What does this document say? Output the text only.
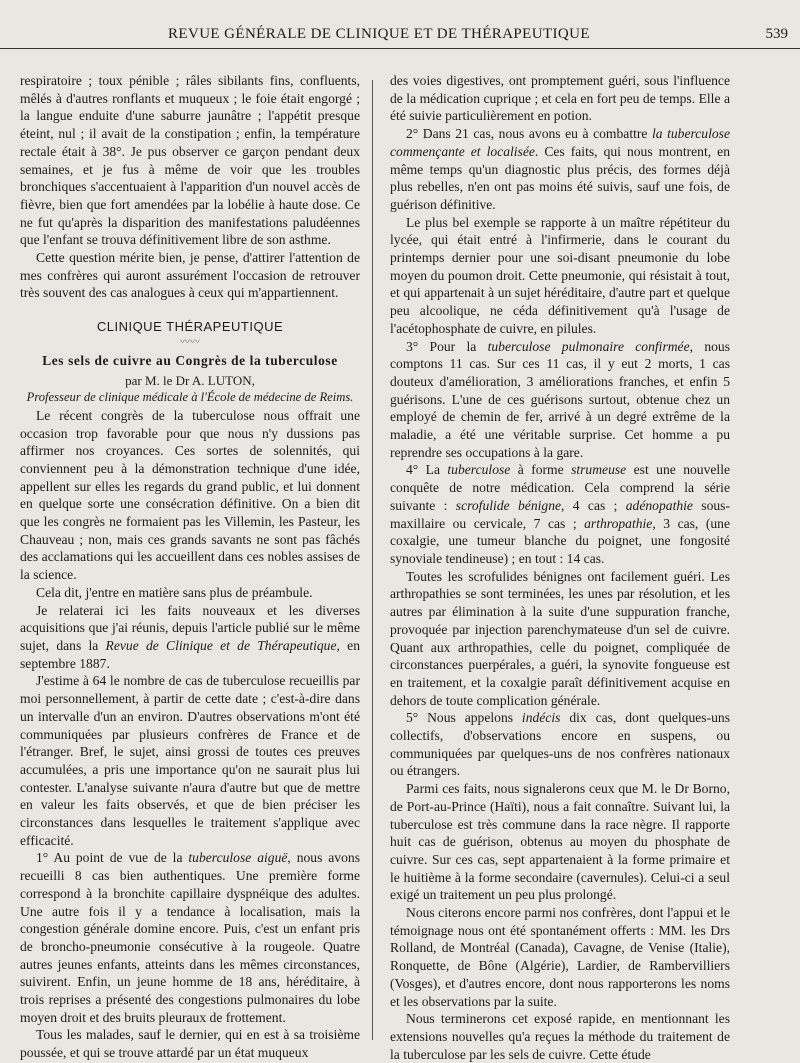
REVUE GÉNÉRALE DE CLINIQUE ET DE THÉRAPEUTIQUE	539

respiratoire ; toux pénible ; râles sibilants fins, confluents, mêlés à d'autres ronflants et muqueux ; le foie était engorgé ; la langue enduite d'une saburre jaunâtre ; l'appétit presque éteint, nul ; il avait de la constipation ; enfin, la température rectale était à 38°. Je pus observer ce garçon pendant deux semaines, et je fus à même de voir que les troubles bronchiques s'accentuaient à l'apparition d'un nouvel accès de fièvre, bien que fort amendées par la lobélie à haute dose. Ce ne fut qu'après la disparition des manifestations paludéennes que l'enfant se trouva définitivement libre de son asthme.

Cette question mérite bien, je pense, d'attirer l'attention de mes confrères qui auront assurément l'occasion de retrouver très souvent des cas analogues à ceux qui m'appartiennent.

CLINIQUE THÉRAPEUTIQUE
〰〰
Les sels de cuivre au Congrès de la tuberculose
par M. le Dr A. LUTON,
Professeur de clinique médicale à l'École de médecine de Reims.

Le récent congrès de la tuberculose nous offrait une occasion trop favorable pour que nous n'y dussions pas affirmer nos croyances. Ces sortes de solennités, qui conviennent peu à la démonstration technique d'une idée, appellent sur elles les regards du grand public, et lui donnent en quelque sorte une consécration définitive. On a bien dit que les congrès ne formaient pas les Villemin, les Pasteur, les Chauveau ; non, mais ces grands savants ne sont pas fâchés des acclamations qui les accueillent dans ces nobles assises de la science.

Cela dit, j'entre en matière sans plus de préambule.

Je relaterai ici les faits nouveaux et les diverses acquisitions que j'ai réunis, depuis l'article publié sur le même sujet, dans la Revue de Clinique et de Thérapeutique, en septembre 1887.

J'estime à 64 le nombre de cas de tuberculose recueillis par moi personnellement, à partir de cette date ; c'est-à-dire dans un intervalle d'un an environ. D'autres observations m'ont été communiquées par plusieurs confrères de France et de l'étranger. Bref, le sujet, ainsi grossi de toutes ces preuves accumulées, a pris une importance qu'on ne saurait plus lui contester. L'analyse suivante n'aura d'autre but que de mettre en valeur les faits observés, et que de bien préciser les circonstances dans lesquelles le traitement s'applique avec efficacité.

1° Au point de vue de la tuberculose aiguë, nous avons recueilli 8 cas bien authentiques. Une première forme correspond à la bronchite capillaire dyspnéique des adultes. Une autre fois il y a tendance à localisation, mais la congestion générale domine encore. Puis, c'est un enfant pris de broncho-pneumonie consécutive à la rougeole. Quatre autres jeunes enfants, atteints dans les mêmes circonstances, suivirent. Enfin, un jeune homme de 18 ans, héréditaire, à trois reprises a présenté des congestions pulmonaires du lobe moyen droit et des bruits pleuraux de frottement.

Tous les malades, sauf le dernier, qui en est à sa troisième poussée, et qui se trouve attardé par un état muqueux

des voies digestives, ont promptement guéri, sous l'influence de la médication cuprique ; et cela en fort peu de temps. Elle a été suivie particulièrement en potion.

2° Dans 21 cas, nous avons eu à combattre la tuberculose commençante et localisée. Ces faits, qui nous montrent, en même temps qu'un diagnostic plus précis, des formes déjà plus rebelles, n'en ont pas moins été suivis, sauf une fois, de guérison définitive.

Le plus bel exemple se rapporte à un maître répétiteur du lycée, qui était entré à l'infirmerie, dans le courant du printemps dernier pour une soi-disant pneumonie du lobe moyen du poumon droit. Cette pneumonie, qui résistait à tout, et qui appartenait à un sujet héréditaire, d'autre part et quelque peu alcoolique, ne céda définitivement qu'à l'usage de l'acétophosphate de cuivre, en pilules.

3° Pour la tuberculose pulmonaire confirmée, nous comptons 11 cas. Sur ces 11 cas, il y eut 2 morts, 1 cas douteux d'amélioration, 3 améliorations franches, et enfin 5 guérisons. L'une de ces guérisons surtout, obtenue chez un employé de chemin de fer, arrivé à un degré extrême de la maladie, a été une véritable surprise. Cet homme a pu reprendre ses occupations à la gare.

4° La tuberculose à forme strumeuse est une nouvelle conquête de notre médication. Cela comprend la série suivante : scrofulide bénigne, 4 cas ; adénopathie sous-maxillaire ou cervicale, 7 cas ; arthropathie, 3 cas, (une coxalgie, une tumeur blanche du poignet, une fongosité synoviale tendineuse) ; en tout : 14 cas.

Toutes les scrofulides bénignes ont facilement guéri. Les arthropathies se sont terminées, les unes par résolution, et les autres par élimination à la suite d'une suppuration franche, provoquée par injection parenchymateuse d'un sel de cuivre. Quant aux arthropathies, celle du poignet, compliquée de circonstances puerpérales, a guéri, la synovite fongueuse est en traitement, et la coxalgie paraît définitivement acquise en dehors de toute complication générale.

5° Nous appelons indécis dix cas, dont quelques-uns collectifs, d'observations encore en suspens, ou communiquées par quelques-uns de nos confrères nationaux ou étrangers.

Parmi ces faits, nous signalerons ceux que M. le Dr Borno, de Port-au-Prince (Haïti), nous a fait connaître. Suivant lui, la tuberculose est très commune dans la race nègre. Il rapporte huit cas de guérison, obtenus au moyen du phosphate de cuivre. Sur ces cas, sept appartenaient à la forme primaire et le huitième à la forme secondaire (cavernules). Celui-ci a seul exigé un traitement un peu plus prolongé.

Nous citerons encore parmi nos confrères, dont l'appui et le témoignage nous ont été spontanément offerts : MM. les Drs Rolland, de Montréal (Canada), Cavagne, de Venise (Italie), Ronquette, de Bône (Algérie), Lardier, de Rambervilliers (Vosges), et d'autres encore, dont nous rapporterons les noms et les observations par la suite.

Nous terminerons cet exposé rapide, en mentionnant les extensions nouvelles qu'a reçues la méthode du traitement de la tuberculose par les sels de cuivre. Cette étude
